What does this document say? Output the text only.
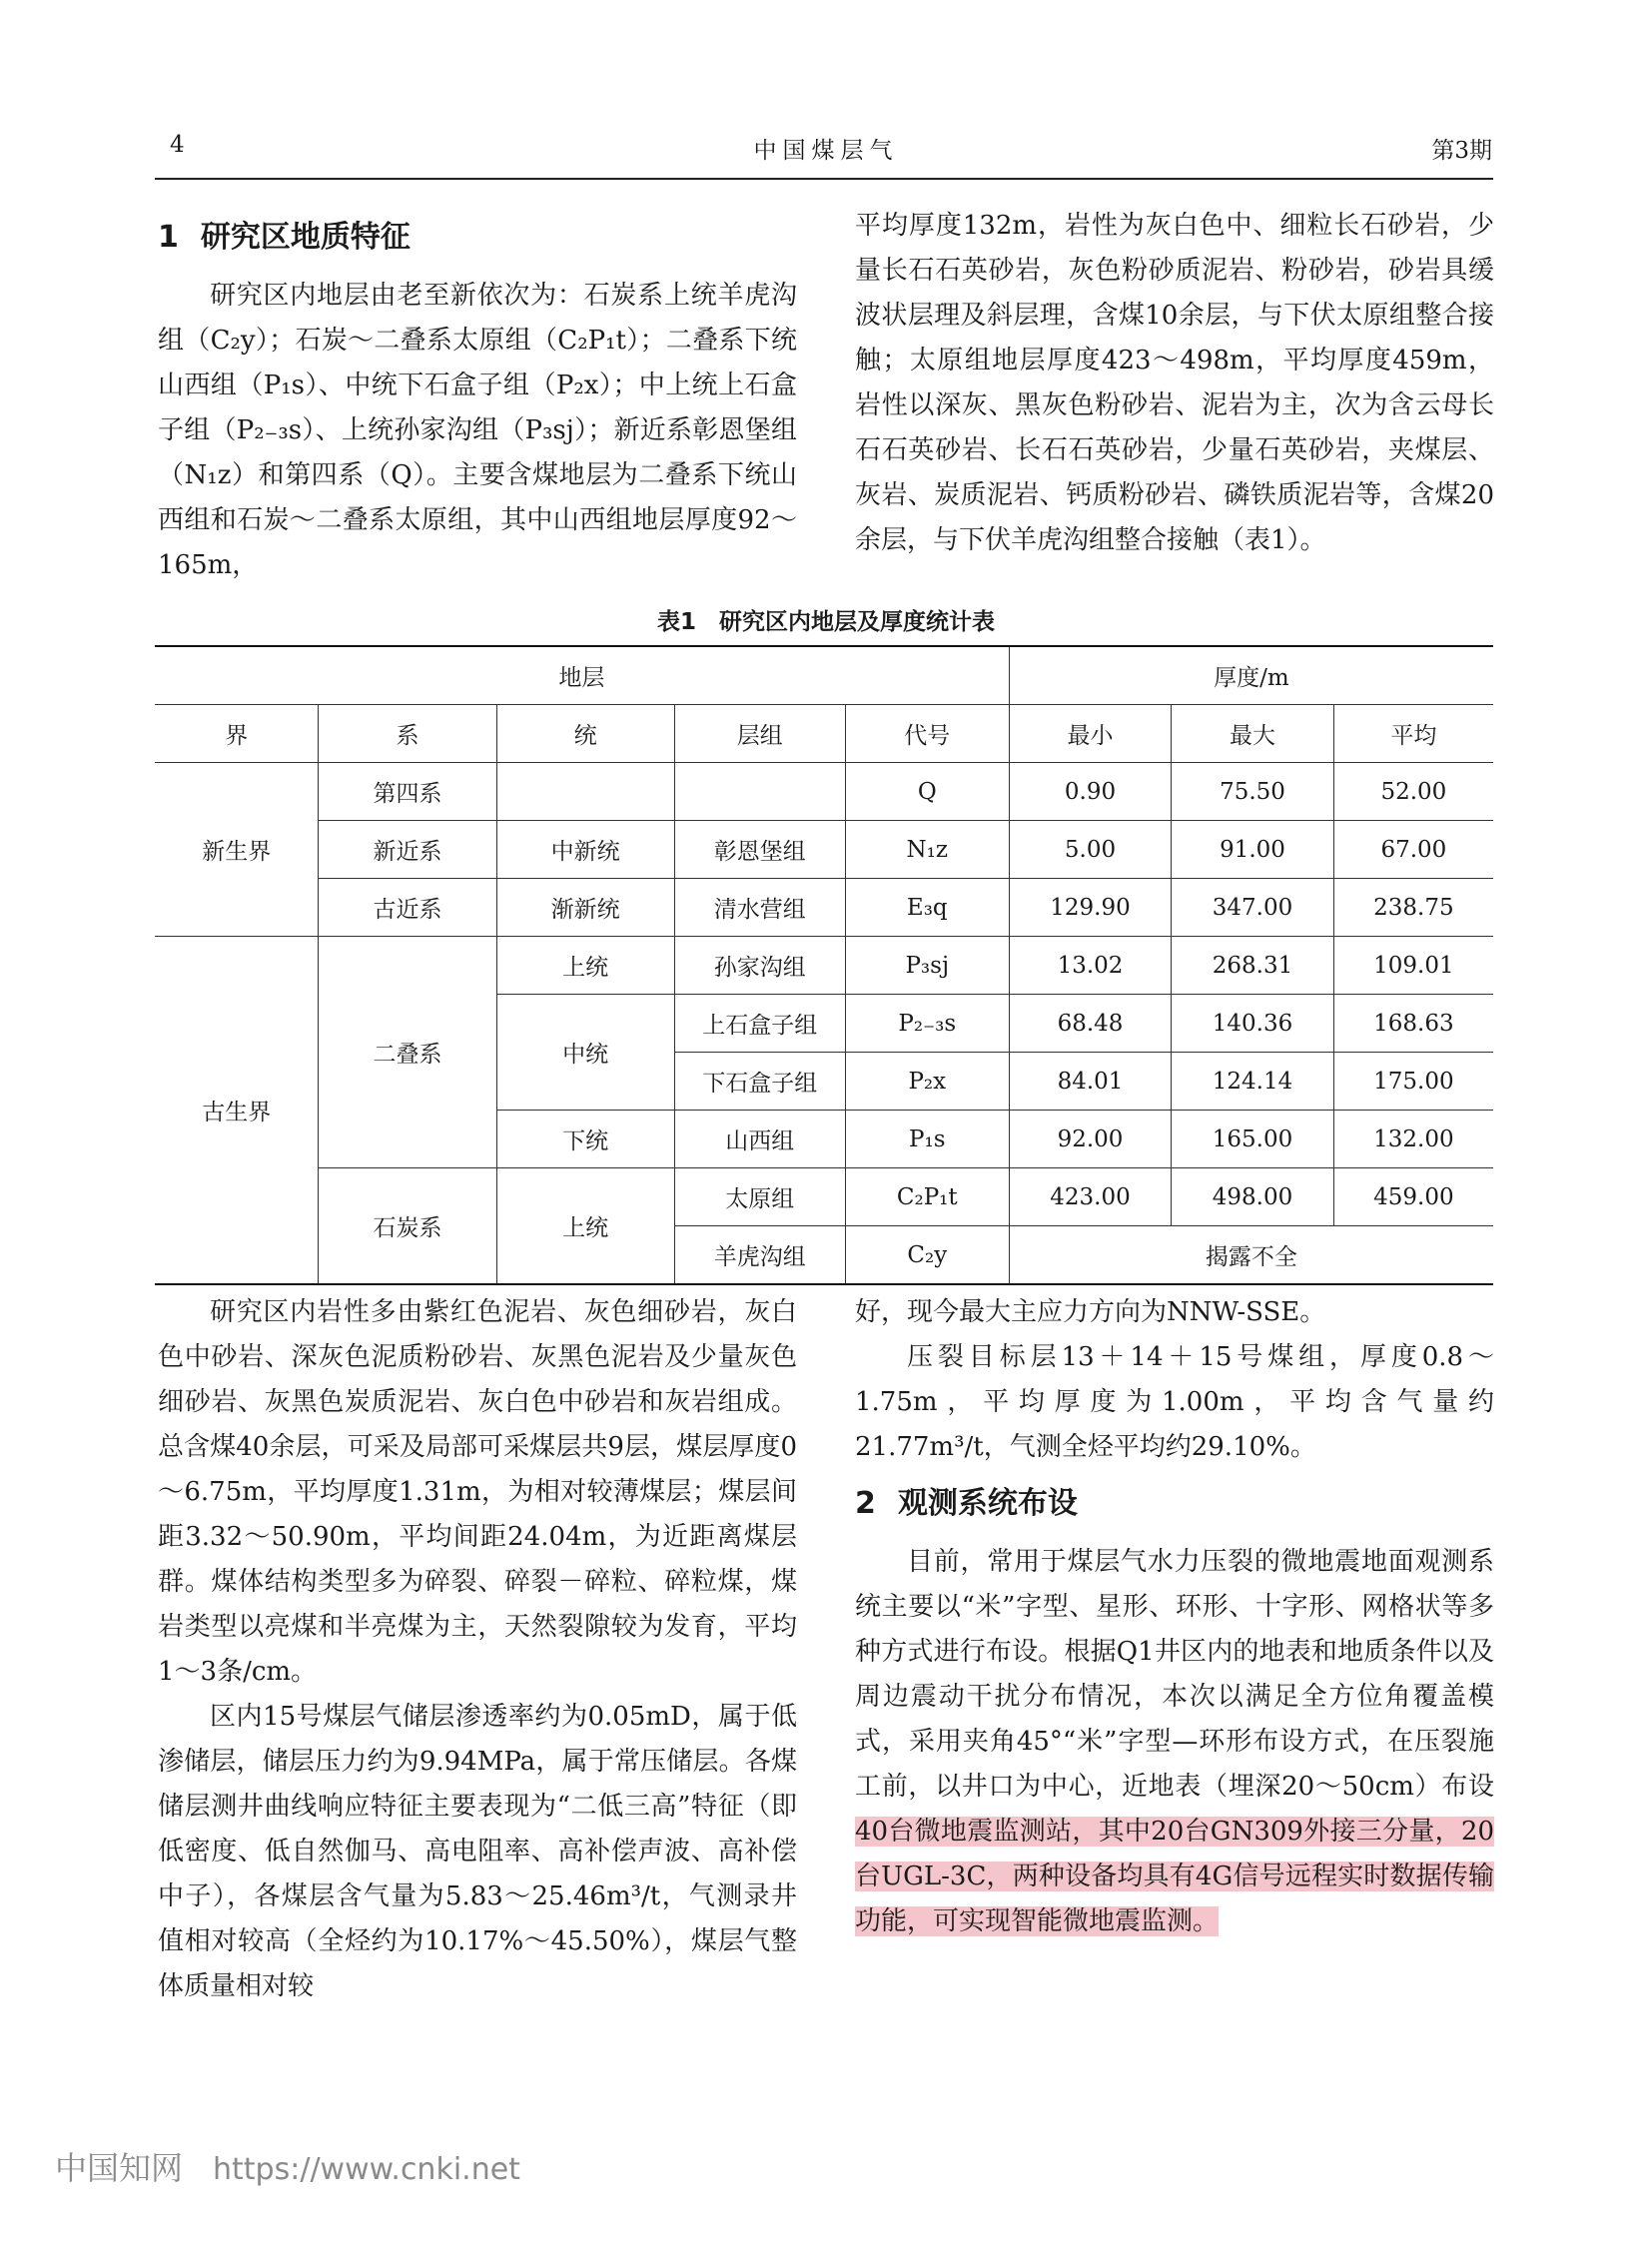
4	中国煤层气	第3期
1 研究区地质特征

研究区内地层由老至新依次为：石炭系上统羊虎沟组（C₂y）；石炭～二叠系太原组（C₂P₁t）；二叠系下统山西组（P₁s）、中统下石盒子组（P₂x）；中上统上石盒子组（P₂₋₃s）、上统孙家沟组（P₃sj）；新近系彰恩堡组（N₁z）和第四系（Q）。主要含煤地层为二叠系下统山西组和石炭～二叠系太原组，其中山西组地层厚度92～165m，

平均厚度132m，岩性为灰白色中、细粒长石砂岩，少量长石石英砂岩，灰色粉砂质泥岩、粉砂岩，砂岩具缓波状层理及斜层理，含煤10余层，与下伏太原组整合接触；太原组地层厚度423～498m，平均厚度459m，岩性以深灰、黑灰色粉砂岩、泥岩为主，次为含云母长石石英砂岩、长石石英砂岩，少量石英砂岩，夹煤层、灰岩、炭质泥岩、钙质粉砂岩、磷铁质泥岩等，含煤20余层，与下伏羊虎沟组整合接触（表1）。

表1　研究区内地层及厚度统计表
地层					厚度/m		
界	系	统	层组	代号	最小	最大	平均
新生界	第四系			Q	0.90	75.50	52.00
	新近系	中新统	彰恩堡组	N₁z	5.00	91.00	67.00
	古近系	渐新统	清水营组	E₃q	129.90	347.00	238.75
古生界	二叠系	上统	孙家沟组	P₃sj	13.02	268.31	109.01
		中统	上石盒子组	P₂₋₃s	68.48	140.36	168.63
			下石盒子组	P₂x	84.01	124.14	175.00
		下统	山西组	P₁s	92.00	165.00	132.00
	石炭系	上统	太原组	C₂P₁t	423.00	498.00	459.00
			羊虎沟组	C₂y	揭露不全		

研究区内岩性多由紫红色泥岩、灰色细砂岩，灰白色中砂岩、深灰色泥质粉砂岩、灰黑色泥岩及少量灰色细砂岩、灰黑色炭质泥岩、灰白色中砂岩和灰岩组成。总含煤40余层，可采及局部可采煤层共9层，煤层厚度0～6.75m，平均厚度1.31m，为相对较薄煤层；煤层间距3.32～50.90m，平均间距24.04m，为近距离煤层群。煤体结构类型多为碎裂、碎裂－碎粒、碎粒煤，煤岩类型以亮煤和半亮煤为主，天然裂隙较为发育，平均1～3条/cm。

区内15号煤层气储层渗透率约为0.05mD，属于低渗储层，储层压力约为9.94MPa，属于常压储层。各煤储层测井曲线响应特征主要表现为“二低三高”特征（即低密度、低自然伽马、高电阻率、高补偿声波、高补偿中子），各煤层含气量为5.83～25.46m³/t，气测录井值相对较高（全烃约为10.17%～45.50%），煤层气整体质量相对较

好，现今最大主应力方向为NNW-SSE。

压裂目标层13＋14＋15号煤组，厚度0.8～1.75m，平均厚度为1.00m，平均含气量约21.77m³/t，气测全烃平均约29.10%。

2 观测系统布设

目前，常用于煤层气水力压裂的微地震地面观测系统主要以“米”字型、星形、环形、十字形、网格状等多种方式进行布设。根据Q1井区内的地表和地质条件以及周边震动干扰分布情况，本次以满足全方位角覆盖模式，采用夹角45°“米”字型—环形布设方式，在压裂施工前，以井口为中心，近地表（埋深20～50cm）布设40台微地震监测站，其中20台GN309外接三分量，20台UGL-3C，两种设备均具有4G信号远程实时数据传输功能，可实现智能微地震监测。

中国知网 https://www.cnki.net
